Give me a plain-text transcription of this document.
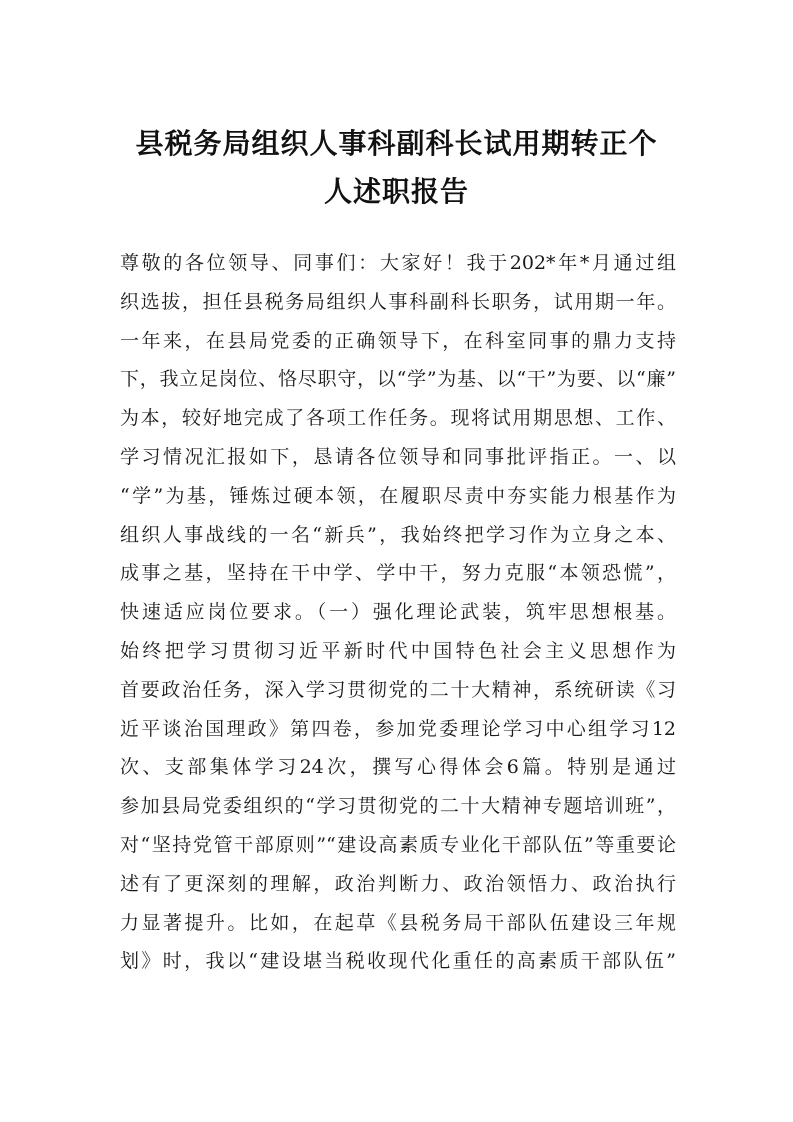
县税务局组织人事科副科长试用期转正个
人述职报告
尊敬的各位领导、同事们：大家好！我于202*年*月通过组
织选拔，担任县税务局组织人事科副科长职务，试用期一年。
一年来，在县局党委的正确领导下，在科室同事的鼎力支持
下，我立足岗位、恪尽职守，以“学”为基、以“干”为要、以“廉”
为本，较好地完成了各项工作任务。现将试用期思想、工作、
学习情况汇报如下，恳请各位领导和同事批评指正。一、以
“学”为基，锤炼过硬本领，在履职尽责中夯实能力根基作为
组织人事战线的一名“新兵”，我始终把学习作为立身之本、
成事之基，坚持在干中学、学中干，努力克服“本领恐慌”，
快速适应岗位要求。（一）强化理论武装，筑牢思想根基。
始终把学习贯彻习近平新时代中国特色社会主义思想作为
首要政治任务，深入学习贯彻党的二十大精神，系统研读《习
近平谈治国理政》第四卷，参加党委理论学习中心组学习12
次、支部集体学习24次，撰写心得体会6篇。特别是通过
参加县局党委组织的“学习贯彻党的二十大精神专题培训班”，
对“坚持党管干部原则”“建设高素质专业化干部队伍”等重要论
述有了更深刻的理解，政治判断力、政治领悟力、政治执行
力显著提升。比如，在起草《县税务局干部队伍建设三年规
划》时，我以“建设堪当税收现代化重任的高素质干部队伍”
